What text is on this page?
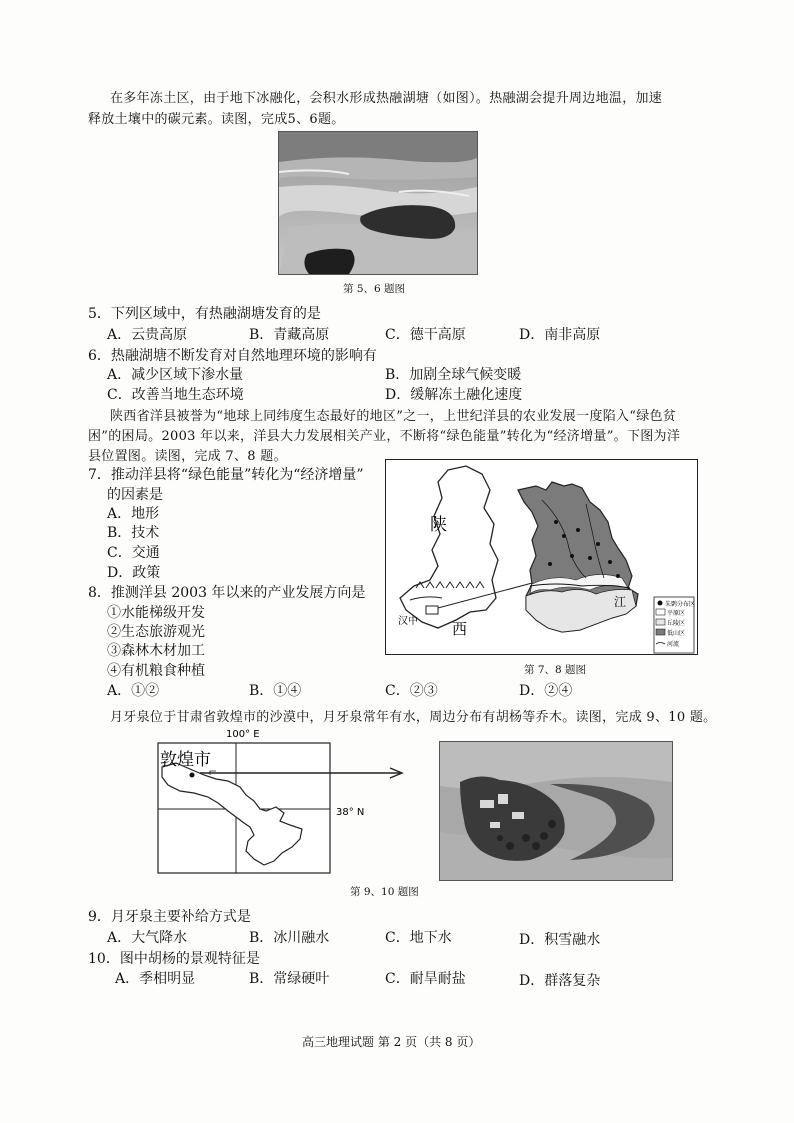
在多年冻土区，由于地下冰融化，会积水形成热融湖塘（如图）。热融湖会提升周边地温，加速
释放土壤中的碳元素。读图，完成5、6题。
第 5、6 题图
5．下列区域中，有热融湖塘发育的是
A．云贵高原	B．青藏高原	C．德干高原	D．南非高原
6．热融湖塘不断发育对自然地理环境的影响有
A．减少区域下渗水量	B．加剧全球气候变暖
C．改善当地生态环境	D．缓解冻土融化速度
陕西省洋县被誉为“地球上同纬度生态最好的地区”之一，上世纪洋县的农业发展一度陷入“绿色贫
困”的困局。2003 年以来，洋县大力发展相关产业，不断将“绿色能量”转化为“经济增量”。下图为洋
县位置图。读图，完成 7、8 题。
7．推动洋县将“绿色能量”转化为“经济增量”
的因素是
A．地形
B．技术
C．交通
D．政策
8．推测洋县 2003 年以来的产业发展方向是
①水能梯级开发
②生态旅游观光
③森林木材加工
④有机粮食种植
A．①②	B．①④	C．②③	D．②④
陕
西
汉中
江	朱鹮分布区
平原区
丘陵区
低山区
河流
第 7、8 题图
月牙泉位于甘肃省敦煌市的沙漠中，月牙泉常年有水，周边分布有胡杨等乔木。读图，完成 9、10 题。
100° E
38° N
敦煌市
第 9、10 题图
9．月牙泉主要补给方式是
A．大气降水	B．冰川融水	C．地下水	D．积雪融水
10．图中胡杨的景观特征是
A．季相明显	B．常绿硬叶	C．耐旱耐盐	D．群落复杂
高三地理试题 第 2 页（共 8 页）
